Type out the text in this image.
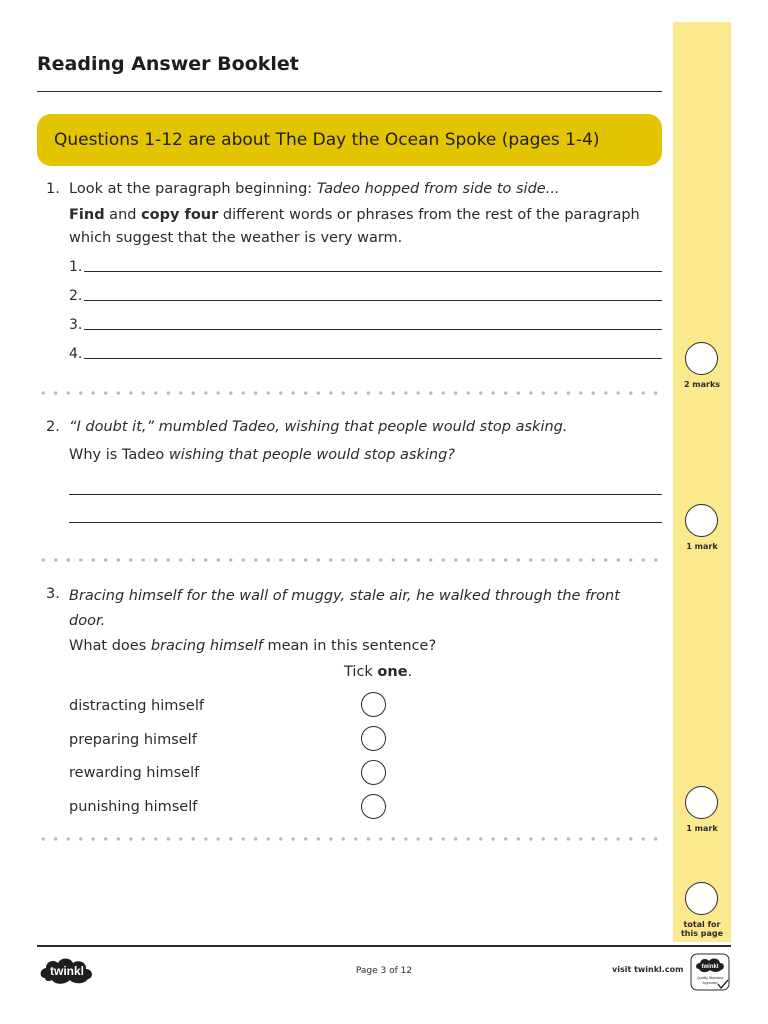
Reading Answer Booklet
2 marks
1 mark
1 mark
total for
this page
Questions 1-12 are about The Day the Ocean Spoke (pages 1-4)
1. Look at the paragraph beginning: Tadeo hopped from side to side...
Find and copy four different words or phrases from the rest of the paragraph which suggest that the weather is very warm.
1.
2.
3.
4.
2. “I doubt it,” mumbled Tadeo, wishing that people would stop asking.
Why is Tadeo wishing that people would stop asking?
3. Bracing himself for the wall of muggy, stale air, he walked through the front door.
What does bracing himself mean in this sentence?
Tick one.
distracting himself
preparing himself
rewarding himself
punishing himself
twinkl	Page 3 of 12	visit twinkl.com	twinkl
Quality Standard
Approved
